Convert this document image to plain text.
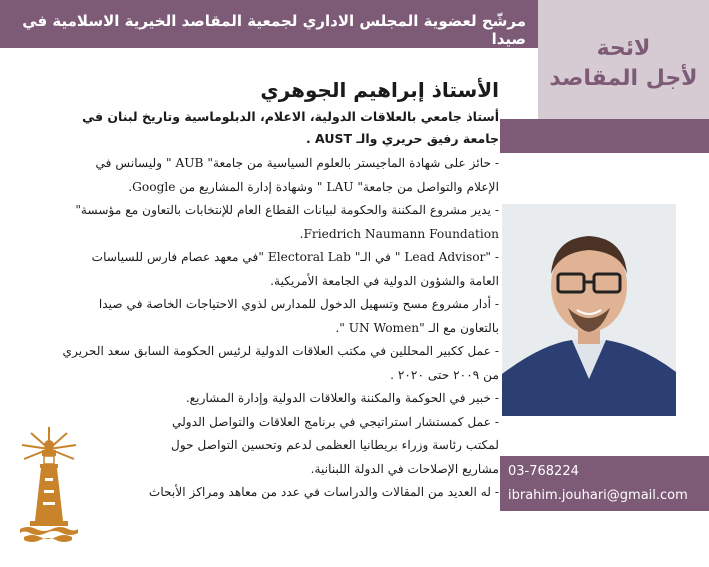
مرشّح لعضوية المجلس الاداري لجمعية المقاصد الخيرية الاسلامية في صيدا	لائحة
لأجل المقاصد
03-768224
ibrahim.jouhari@gmail.com
الأستاذ إبراهيم الجوهري
أستاذ جامعي بالعلاقات الدولية، الاعلام، الدبلوماسية وتاريخ لبنان في
جامعة رفيق حريري والـ AUST .
- حائز على شهادة الماجيستر بالعلوم السياسية من جامعة" AUB " وليسانس في
الإعلام والتواصل من جامعة" LAU " وشهادة إدارة المشاريع من Google.
- يدير مشروع المكننة والحكومة لبيانات القطاع العام للإنتخابات بالتعاون مع مؤسسة"
Friedrich Naumann Foundation.
- "Lead Advisor " في الـ" Electoral Lab "في معهد عصام فارس للسياسات
العامة والشؤون الدولية في الجامعة الأمريكية.
- أدار مشروع مسح وتسهيل الدخول للمدارس لذوي الاحتياجات الخاصة في صيدا
بالتعاون مع الـ "UN Women ".
- عمل ككبير المحللين في مكتب العلاقات الدولية لرئيس الحكومة السابق سعد الحريري
من ٢٠٠٩ حتى ٢٠٢٠ .
- خبير في الحوكمة والمكننة والعلاقات الدولية وإدارة المشاريع.
- عمل كمستشار استراتيجي في برنامج العلاقات والتواصل الدولي
لمكتب رئاسة وزراء بريطانيا العظمى لدعم وتحسين التواصل حول
مشاريع الإصلاحات في الدولة اللبنانية.
- له العديد من المقالات والدراسات في عدد من معاهد ومراكز الأبحاث
